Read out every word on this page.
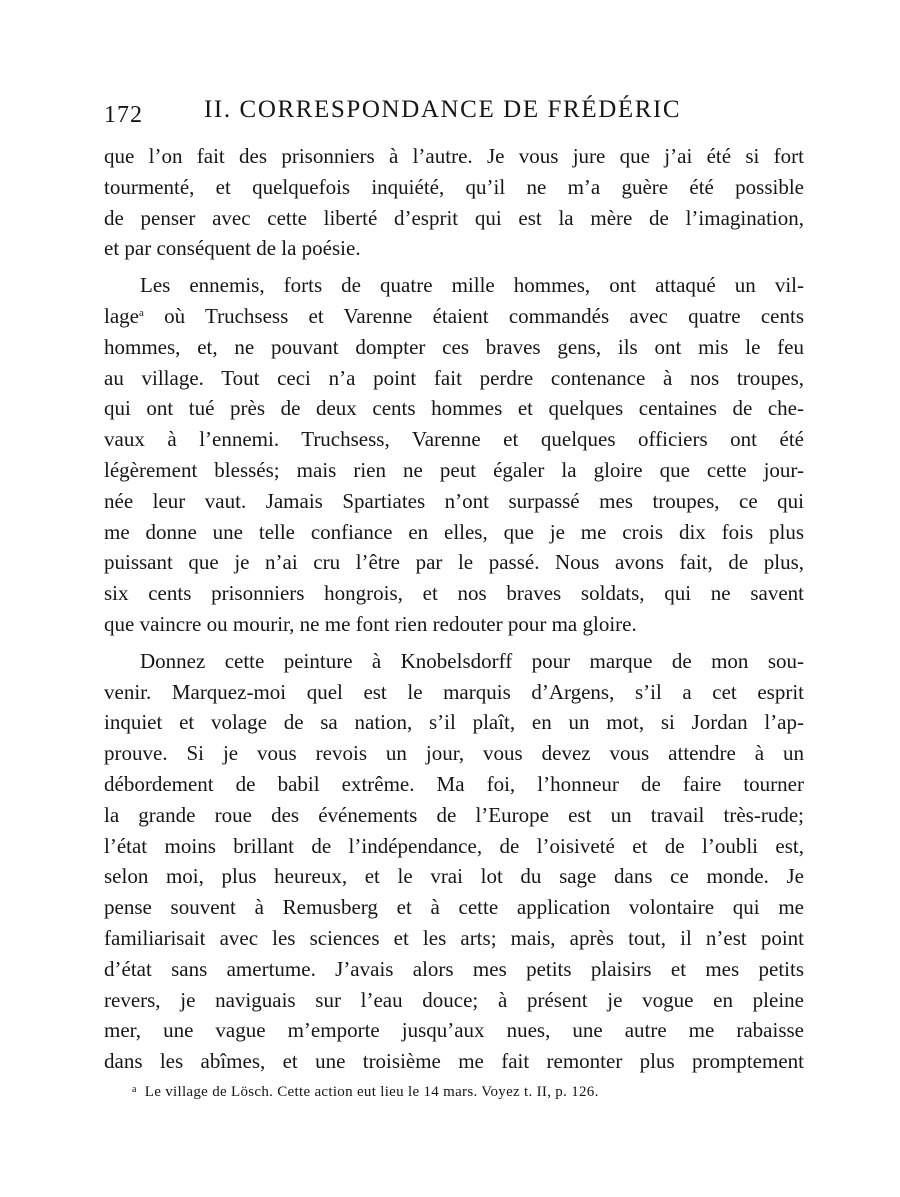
172 II. CORRESPONDANCE DE FRÉDÉRIC
que l’on fait des prisonniers à l’autre. Je vous jure que j’ai été si fort
tourmenté, et quelquefois inquiété, qu’il ne m’a guère été possible
de penser avec cette liberté d’esprit qui est la mère de l’imagination,
et par conséquent de la poésie.
Les ennemis, forts de quatre mille hommes, ont attaqué un vil-
lage$^a$ où Truchsess et Varenne étaient commandés avec quatre cents
hommes, et, ne pouvant dompter ces braves gens, ils ont mis le feu
au village. Tout ceci n’a point fait perdre contenance à nos troupes,
qui ont tué près de deux cents hommes et quelques centaines de che-
vaux à l’ennemi. Truchsess, Varenne et quelques officiers ont été
légèrement blessés; mais rien ne peut égaler la gloire que cette jour-
née leur vaut. Jamais Spartiates n’ont surpassé mes troupes, ce qui
me donne une telle confiance en elles, que je me crois dix fois plus
puissant que je n’ai cru l’être par le passé. Nous avons fait, de plus,
six cents prisonniers hongrois, et nos braves soldats, qui ne savent
que vaincre ou mourir, ne me font rien redouter pour ma gloire.
Donnez cette peinture à Knobelsdorff pour marque de mon sou-
venir. Marquez-moi quel est le marquis d’Argens, s’il a cet esprit
inquiet et volage de sa nation, s’il plaît, en un mot, si Jordan l’ap-
prouve. Si je vous revois un jour, vous devez vous attendre à un
débordement de babil extrême. Ma foi, l’honneur de faire tourner
la grande roue des événements de l’Europe est un travail très-rude;
l’état moins brillant de l’indépendance, de l’oisiveté et de l’oubli est,
selon moi, plus heureux, et le vrai lot du sage dans ce monde. Je
pense souvent à Remusberg et à cette application volontaire qui me
familiarisait avec les sciences et les arts; mais, après tout, il n’est point
d’état sans amertume. J’avais alors mes petits plaisirs et mes petits
revers, je naviguais sur l’eau douce; à présent je vogue en pleine
mer, une vague m’emporte jusqu’aux nues, une autre me rabaisse
dans les abîmes, et une troisième me fait remonter plus promptement
$^a$ Le village de Lösch. Cette action eut lieu le 14 mars. Voyez t. II, p. 126.
